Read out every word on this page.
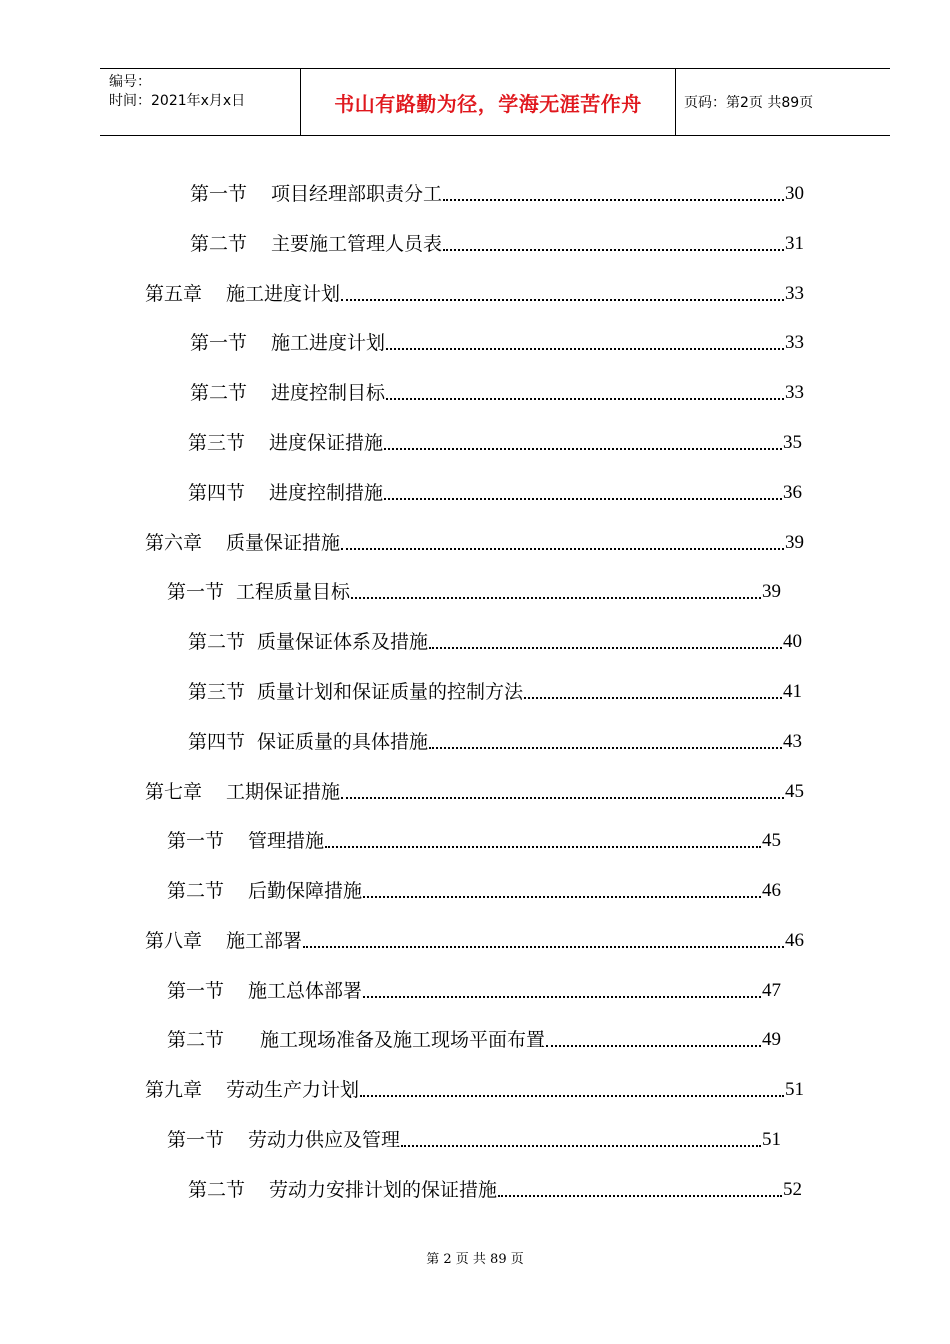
编号：
时间：2021年x月x日	书山有路勤为径，学海无涯苦作舟	页码：第2页 共89页
第一节 项目经理部职责分工	30
第二节 主要施工管理人员表	31
第五章 施工进度计划	33
第一节 施工进度计划	33
第二节 进度控制目标	33
第三节 进度保证措施	35
第四节 进度控制措施	36
第六章 质量保证措施	39
第一节 工程质量目标	39
第二节 质量保证体系及措施	40
第三节 质量计划和保证质量的控制方法	41
第四节 保证质量的具体措施	43
第七章 工期保证措施	45
第一节 管理措施	45
第二节 后勤保障措施	46
第八章 施工部署	46
第一节 施工总体部署	47
第二节 施工现场准备及施工现场平面布置	49
第九章 劳动生产力计划	51
第一节 劳动力供应及管理	51
第二节 劳动力安排计划的保证措施	52
第 2 页 共 89 页
